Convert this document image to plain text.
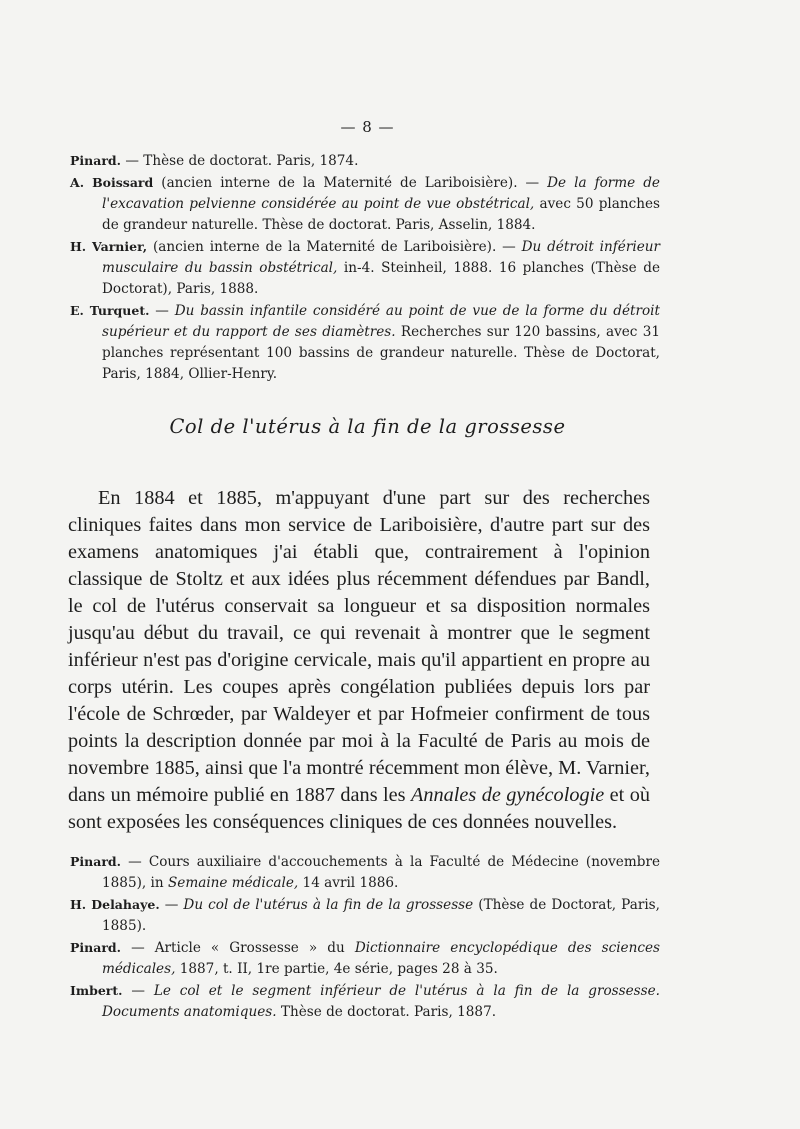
— 8 —

Pinard. — Thèse de doctorat. Paris, 1874.

A. Boissard (ancien interne de la Maternité de Lariboisière). — De la forme de l'excavation pelvienne considérée au point de vue obstétrical, avec 50 planches de grandeur naturelle. Thèse de doctorat. Paris, Asselin, 1884.

H. Varnier, (ancien interne de la Maternité de Lariboisière). — Du détroit inférieur musculaire du bassin obstétrical, in-4. Steinheil, 1888. 16 planches (Thèse de Doctorat), Paris, 1888.

E. Turquet. — Du bassin infantile considéré au point de vue de la forme du détroit supérieur et du rapport de ses diamètres. Recherches sur 120 bassins, avec 31 planches représentant 100 bassins de grandeur naturelle. Thèse de Doctorat, Paris, 1884, Ollier-Henry.

Col de l'utérus à la fin de la grossesse

En 1884 et 1885, m'appuyant d'une part sur des recherches cliniques faites dans mon service de Lariboisière, d'autre part sur des examens anatomiques j'ai établi que, contrairement à l'opinion classique de Stoltz et aux idées plus récemment défendues par Bandl, le col de l'utérus conservait sa longueur et sa disposition normales jusqu'au début du travail, ce qui revenait à montrer que le segment inférieur n'est pas d'origine cervicale, mais qu'il appartient en propre au corps utérin. Les coupes après congélation publiées depuis lors par l'école de Schrœder, par Waldeyer et par Hofmeier confirment de tous points la description donnée par moi à la Faculté de Paris au mois de novembre 1885, ainsi que l'a montré récemment mon élève, M. Varnier, dans un mémoire publié en 1887 dans les Annales de gynécologie et où sont exposées les conséquences cliniques de ces données nouvelles.

Pinard. — Cours auxiliaire d'accouchements à la Faculté de Médecine (novembre 1885), in Semaine médicale, 14 avril 1886.

H. Delahaye. — Du col de l'utérus à la fin de la grossesse (Thèse de Doctorat, Paris, 1885).

Pinard. — Article « Grossesse » du Dictionnaire encyclopédique des sciences médicales, 1887, t. II, 1re partie, 4e série, pages 28 à 35.

Imbert. — Le col et le segment inférieur de l'utérus à la fin de la grossesse. Documents anatomiques. Thèse de doctorat. Paris, 1887.
